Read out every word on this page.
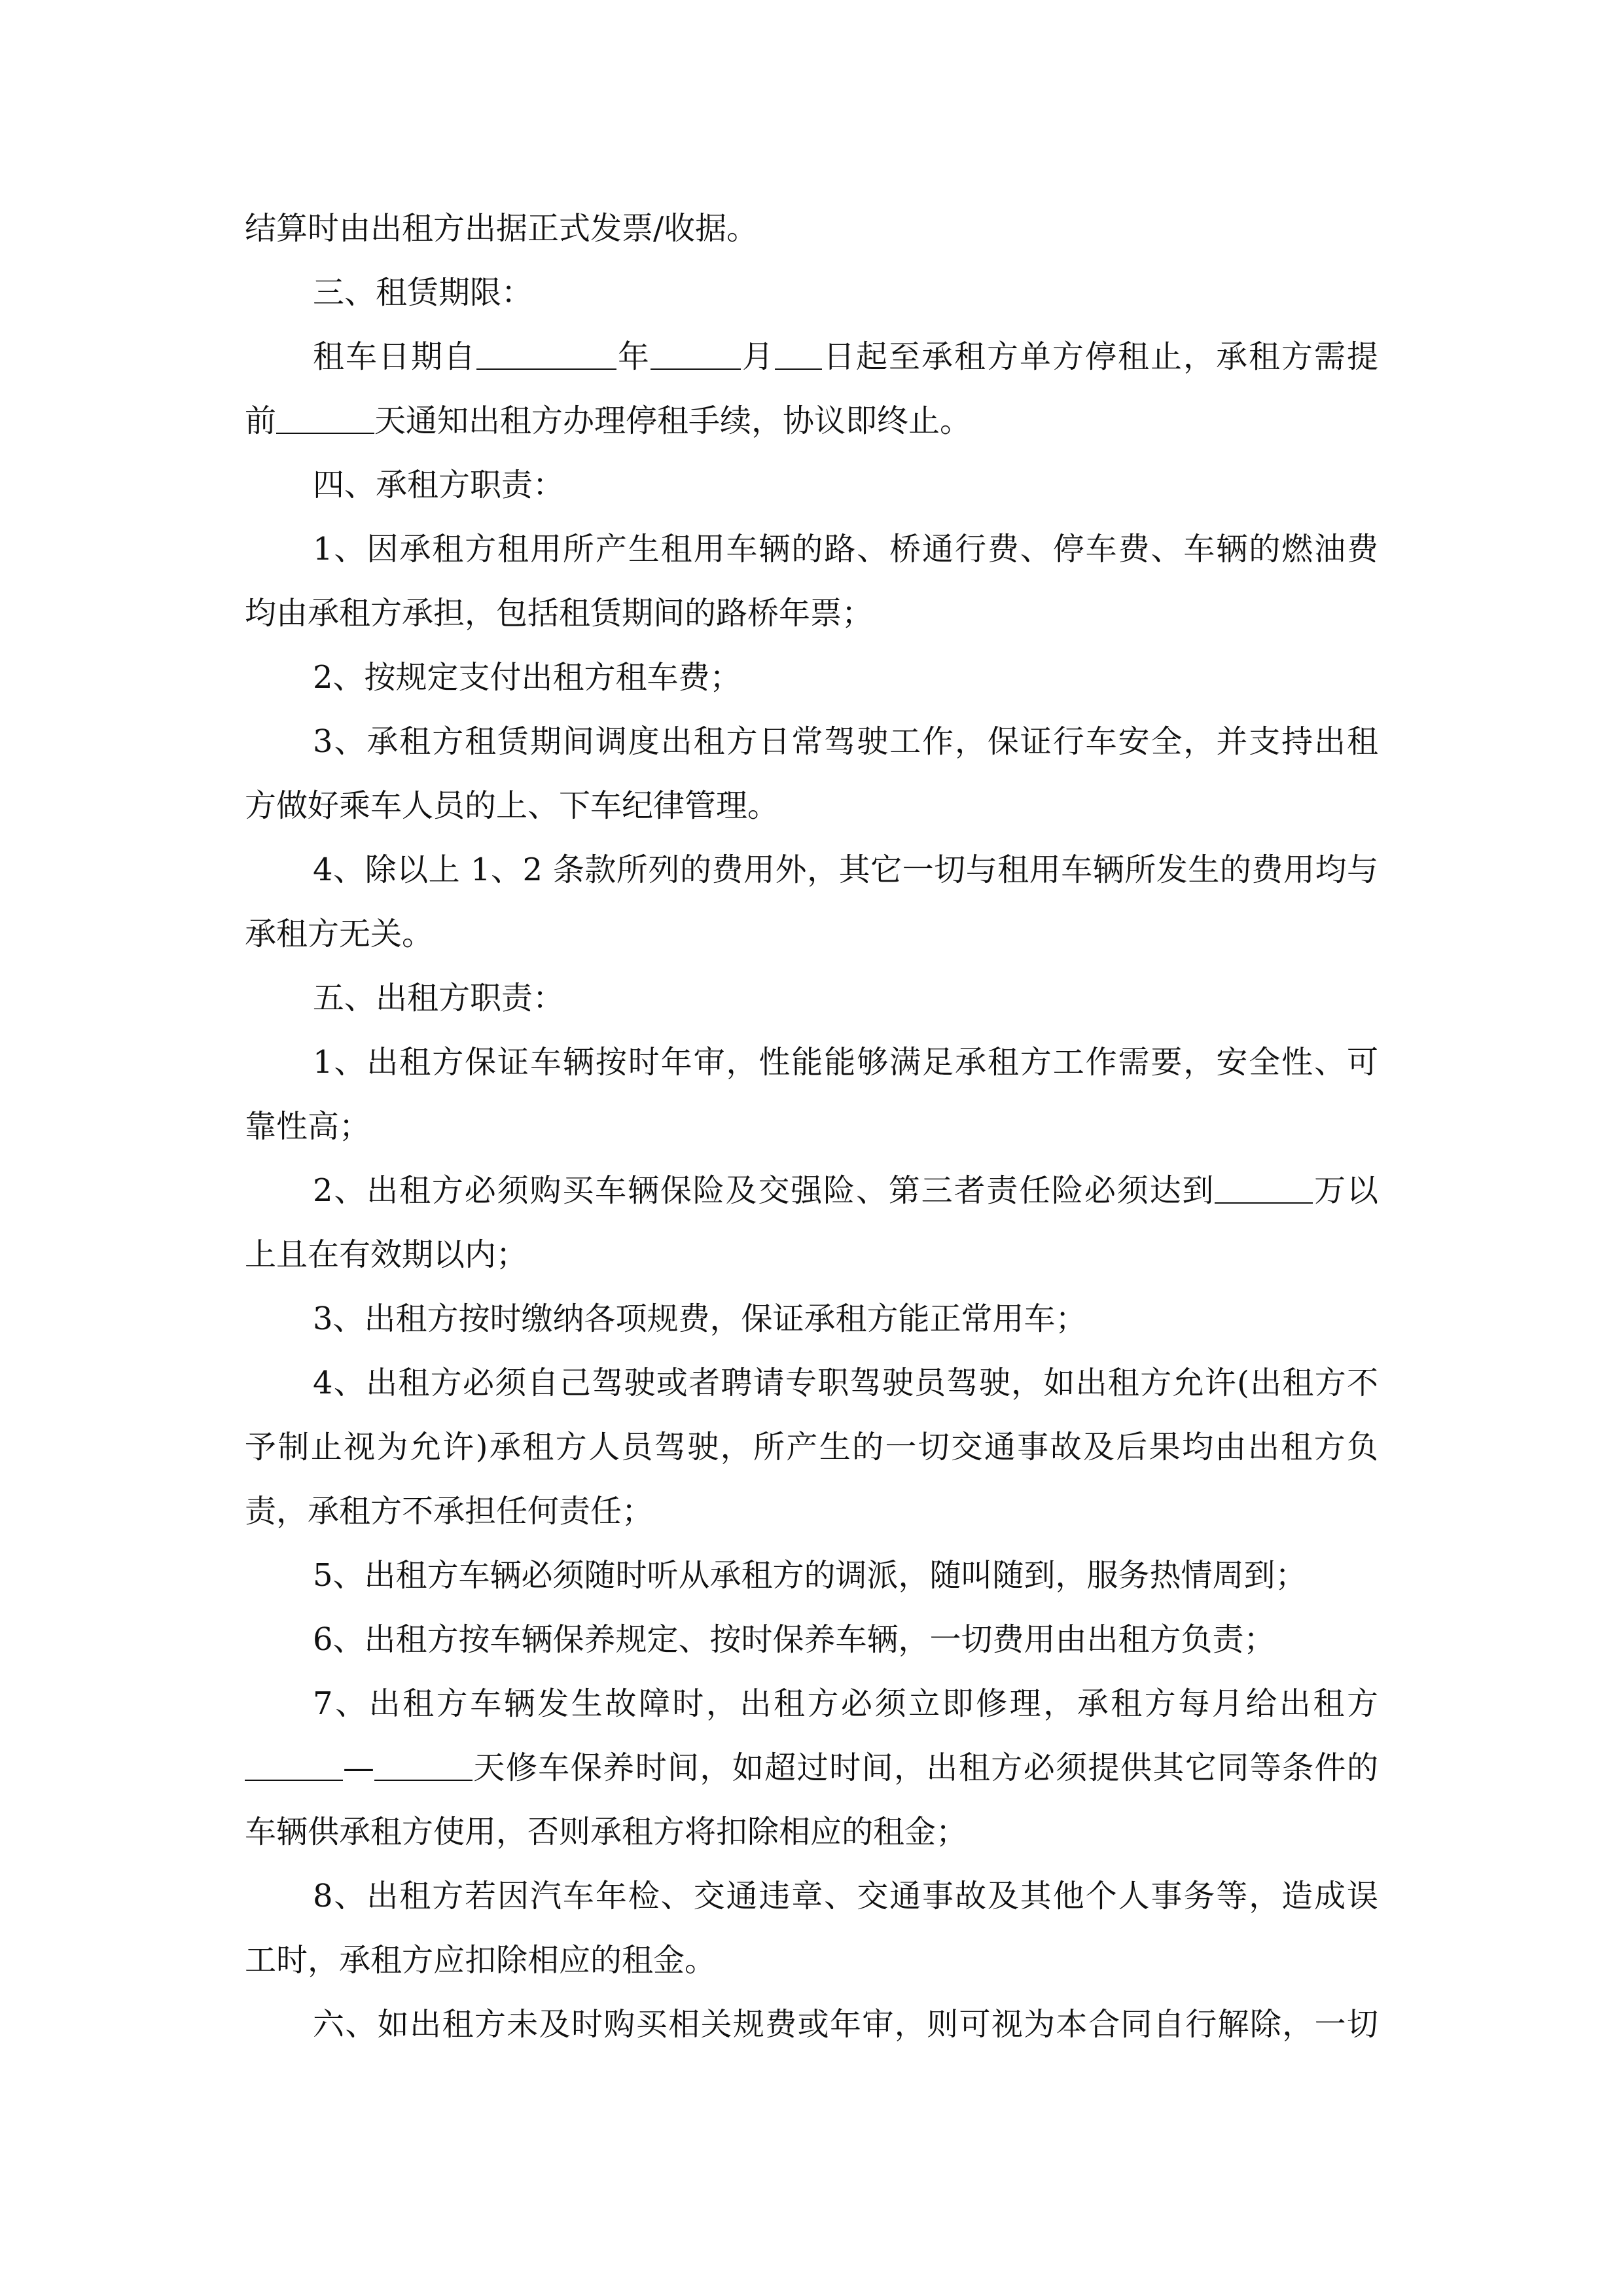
结算时由出租方出据正式发票/收据。
三、租赁期限：
租车日期自	年	月 日起至承租方单方停租止，承租方需提
前	天通知出租方办理停租手续，协议即终止。
四、承租方职责：
1、因承租方租用所产生租用车辆的路、桥通行费、停车费、车辆的燃油费
均由承租方承担，包括租赁期间的路桥年票；
2、按规定支付出租方租车费；
3、承租方租赁期间调度出租方日常驾驶工作，保证行车安全，并支持出租
方做好乘车人员的上、下车纪律管理。
4、除以上 1、2 条款所列的费用外，其它一切与租用车辆所发生的费用均与
承租方无关。
五、出租方职责：
1、出租方保证车辆按时年审，性能能够满足承租方工作需要，安全性、可
靠性高；
2、出租方必须购买车辆保险及交强险、第三者责任险必须达到	万以
上且在有效期以内；
3、出租方按时缴纳各项规费，保证承租方能正常用车；
4、出租方必须自己驾驶或者聘请专职驾驶员驾驶，如出租方允许(出租方不
予制止视为允许)承租方人员驾驶，所产生的一切交通事故及后果均由出租方负
责，承租方不承担任何责任；
5、出租方车辆必须随时听从承租方的调派，随叫随到，服务热情周到；
6、出租方按车辆保养规定、按时保养车辆，一切费用由出租方负责；
7、出租方车辆发生故障时，出租方必须立即修理，承租方每月给出租方
—	天修车保养时间，如超过时间，出租方必须提供其它同等条件的
车辆供承租方使用，否则承租方将扣除相应的租金；
8、出租方若因汽车年检、交通违章、交通事故及其他个人事务等，造成误
工时，承租方应扣除相应的租金。
六、如出租方未及时购买相关规费或年审，则可视为本合同自行解除，一切
